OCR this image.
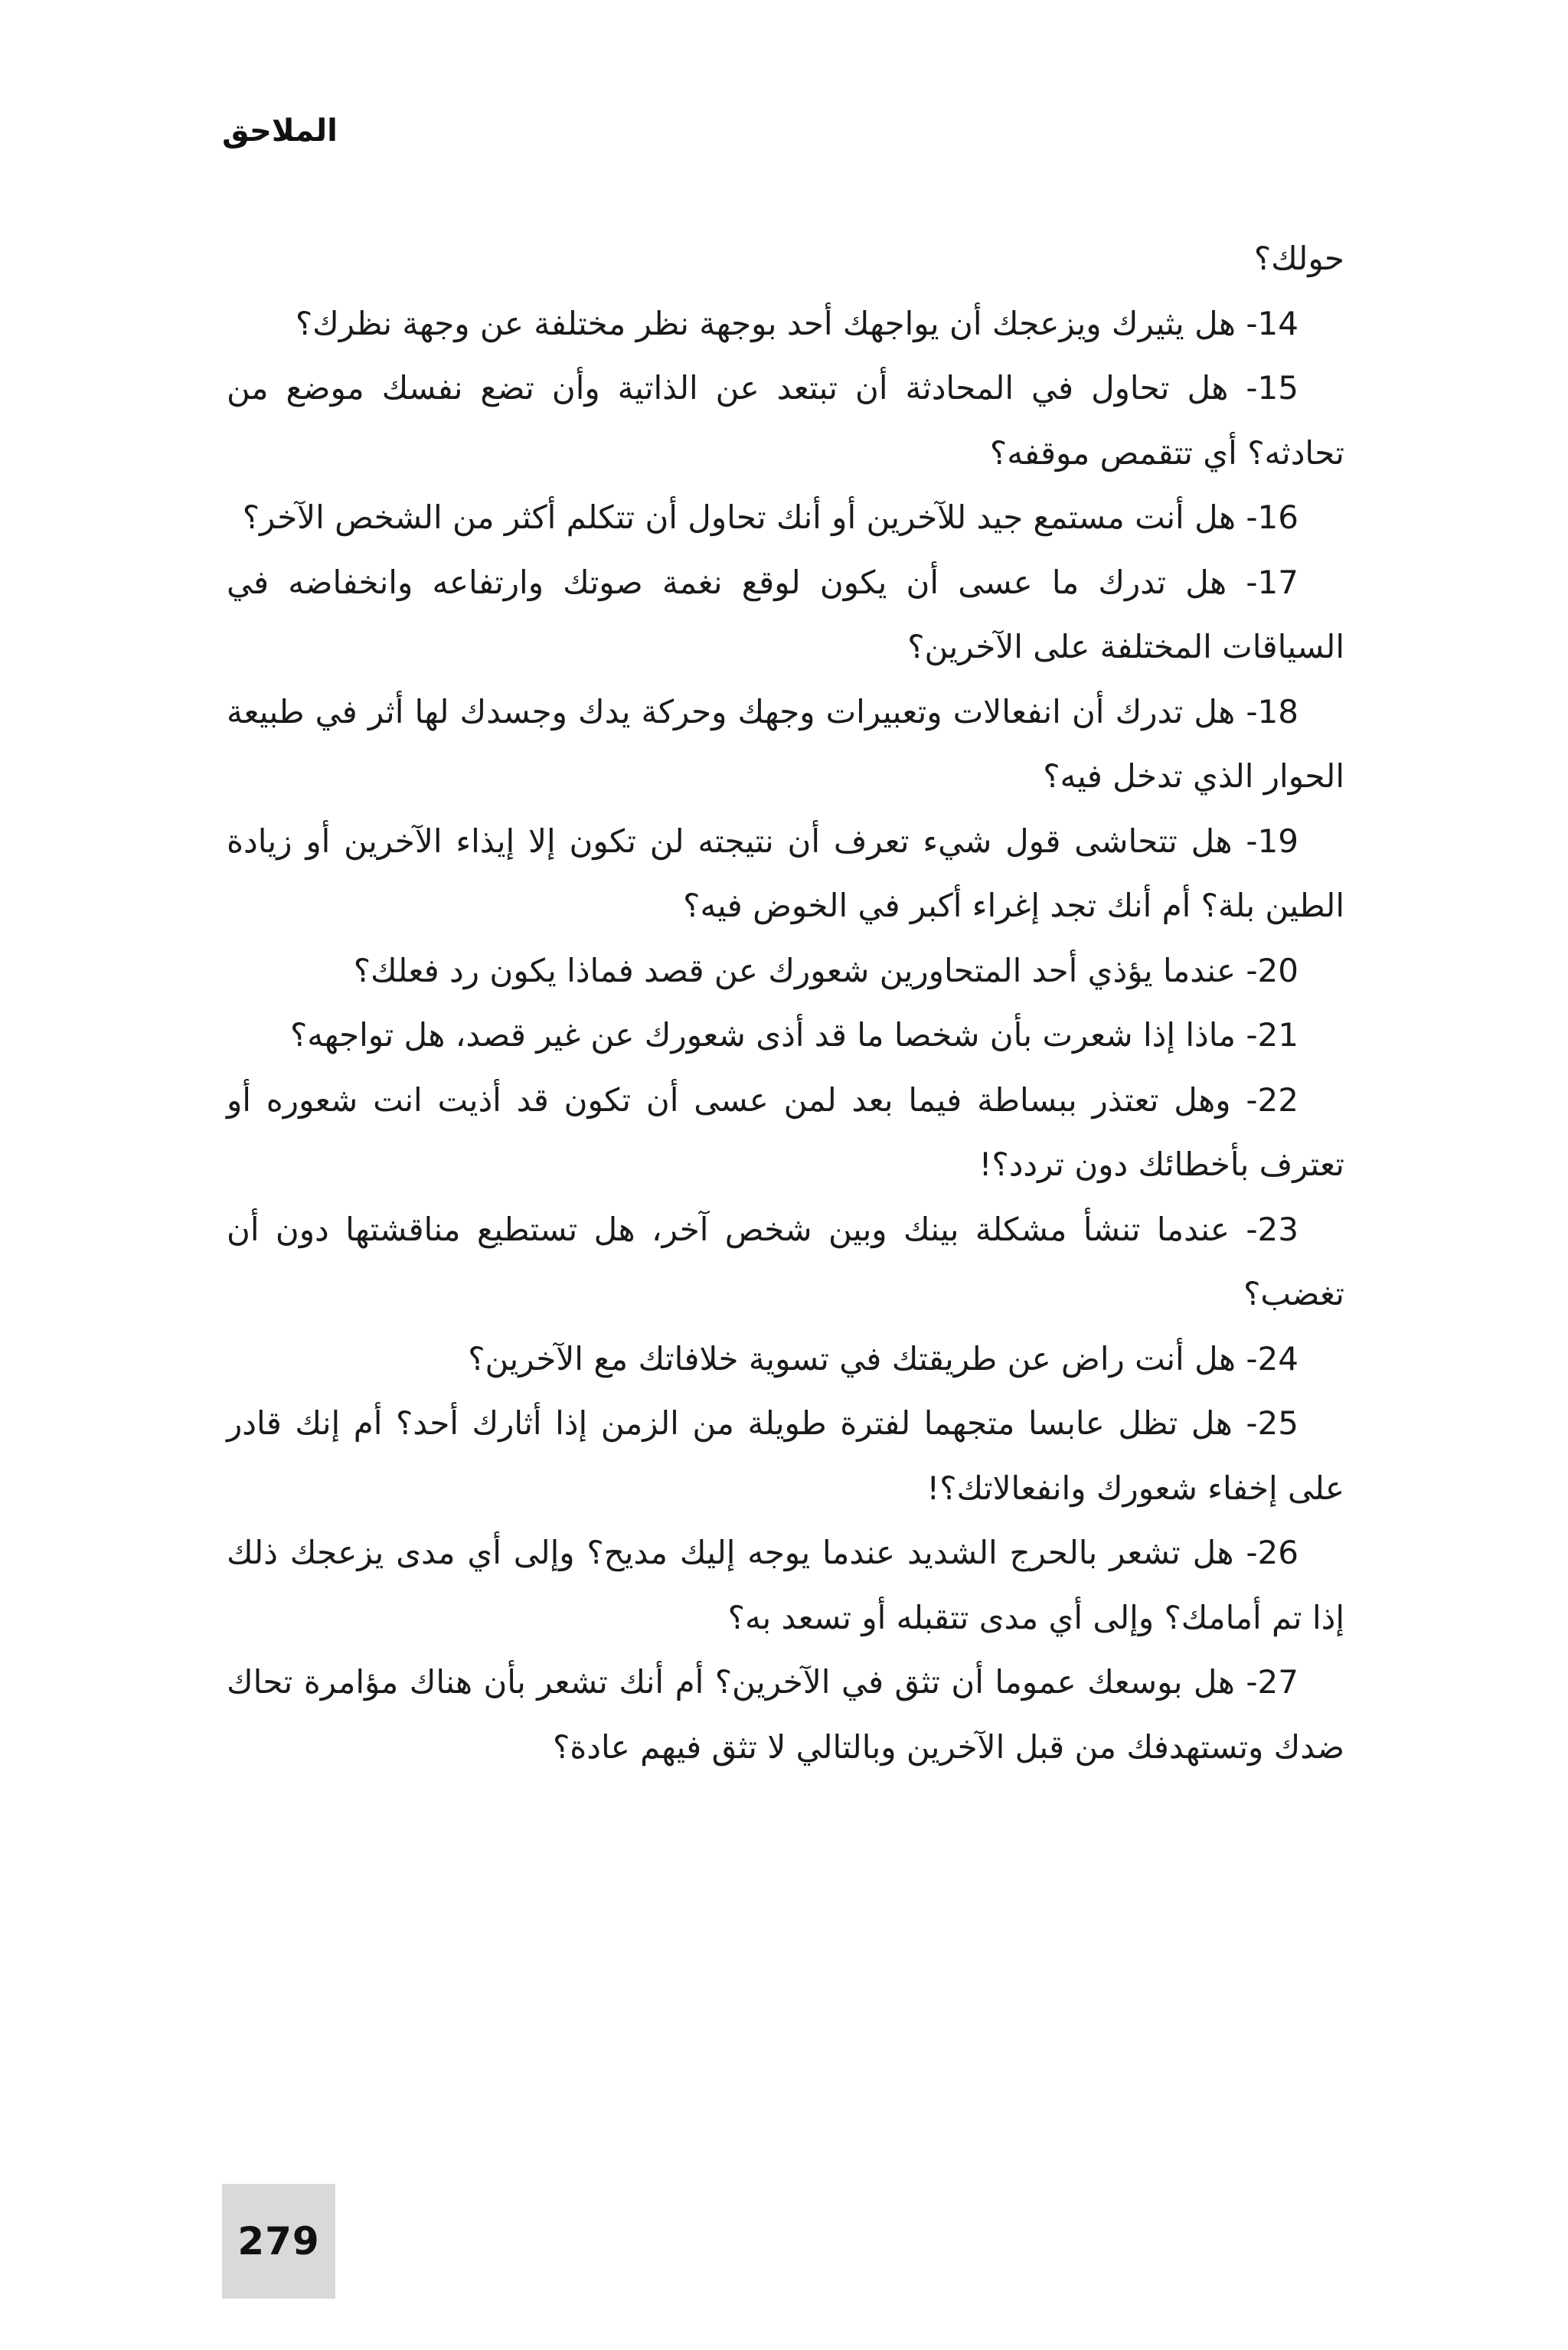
الملاحق

حولك؟

14- هل يثيرك ويزعجك أن يواجهك أحد بوجهة نظر مختلفة عن وجهة نظرك؟

15- هل تحاول في المحادثة أن تبتعد عن الذاتية وأن تضع نفسك موضع من تحادثه؟ أي تتقمص موقفه؟

16- هل أنت مستمع جيد للآخرين أو أنك تحاول أن تتكلم أكثر من الشخص الآخر؟

17- هل تدرك ما عسى أن يكون لوقع نغمة صوتك وارتفاعه وانخفاضه في السياقات المختلفة على الآخرين؟

18- هل تدرك أن انفعالات وتعبيرات وجهك وحركة يدك وجسدك لها أثر في طبيعة الحوار الذي تدخل فيه؟

19- هل تتحاشى قول شيء تعرف أن نتيجته لن تكون إلا إيذاء الآخرين أو زيادة الطين بلة؟ أم أنك تجد إغراء أكبر في الخوض فيه؟

20- عندما يؤذي أحد المتحاورين شعورك عن قصد فماذا يكون رد فعلك؟

21- ماذا إذا شعرت بأن شخصا ما قد أذى شعورك عن غير قصد، هل تواجهه؟

22- وهل تعتذر ببساطة فيما بعد لمن عسى أن تكون قد أذيت انت شعوره أو تعترف بأخطائك دون تردد؟!

23- عندما تنشأ مشكلة بينك وبين شخص آخر، هل تستطيع مناقشتها دون أن تغضب؟

24- هل أنت راض عن طريقتك في تسوية خلافاتك مع الآخرين؟

25- هل تظل عابسا متجهما لفترة طويلة من الزمن إذا أثارك أحد؟ أم إنك قادر على إخفاء شعورك وانفعالاتك؟!

26- هل تشعر بالحرج الشديد عندما يوجه إليك مديح؟ وإلى أي مدى يزعجك ذلك إذا تم أمامك؟ وإلى أي مدى تتقبله أو تسعد به؟

27- هل بوسعك عموما أن تثق في الآخرين؟ أم أنك تشعر بأن هناك مؤامرة تحاك ضدك وتستهدفك من قبل الآخرين وبالتالي لا تثق فيهم عادة؟

279
